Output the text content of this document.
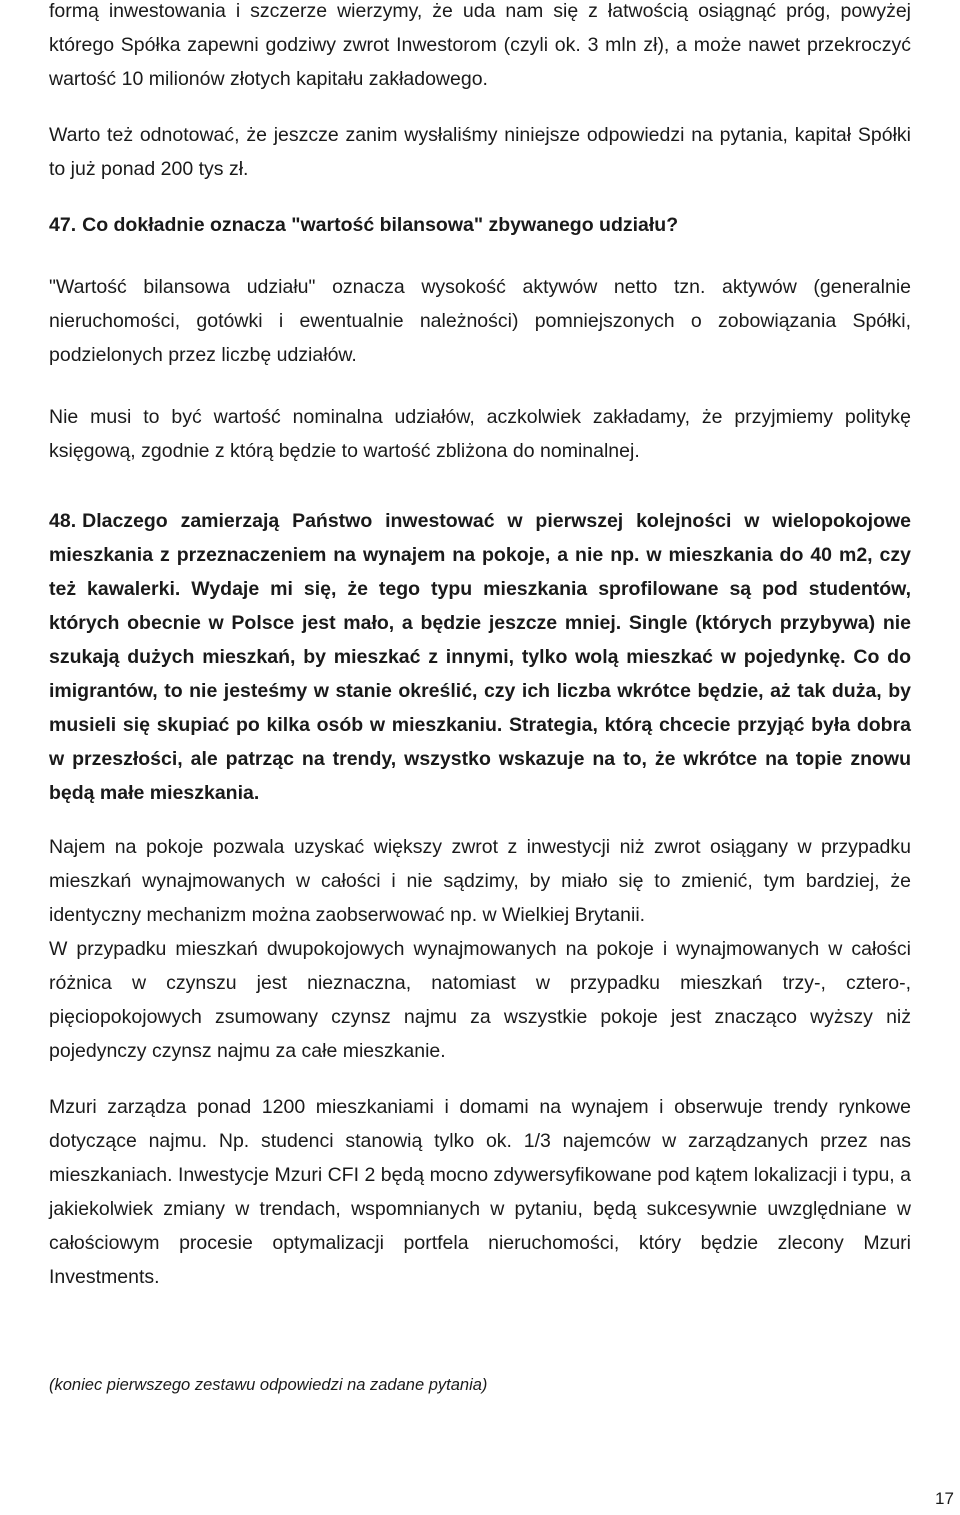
formą inwestowania i szczerze wierzymy, że uda nam się z łatwością osiągnąć próg, powyżej którego Spółka zapewni godziwy zwrot Inwestorom (czyli ok. 3 mln zł), a może nawet przekroczyć wartość 10 milionów złotych kapitału zakładowego.

Warto też odnotować, że jeszcze zanim wysłaliśmy niniejsze odpowiedzi na pytania, kapitał Spółki to już ponad 200 tys zł.

47. Co dokładnie oznacza "wartość bilansowa" zbywanego udziału?

"Wartość bilansowa udziału" oznacza wysokość aktywów netto tzn. aktywów (generalnie nieruchomości, gotówki i ewentualnie należności) pomniejszonych o zobowiązania Spółki, podzielonych przez liczbę udziałów.

Nie musi to być wartość nominalna udziałów, aczkolwiek zakładamy, że przyjmiemy politykę księgową, zgodnie z którą będzie to wartość zbliżona do nominalnej.

48. Dlaczego zamierzają Państwo inwestować w pierwszej kolejności w wielopokojowe mieszkania z przeznaczeniem na wynajem na pokoje, a nie np. w mieszkania do 40 m2, czy też kawalerki. Wydaje mi się, że tego typu mieszkania sprofilowane są pod studentów, których obecnie w Polsce jest mało, a będzie jeszcze mniej. Single (których przybywa) nie szukają dużych mieszkań, by mieszkać z innymi, tylko wolą mieszkać w pojedynkę. Co do imigrantów, to nie jesteśmy w stanie określić, czy ich liczba wkrótce będzie, aż tak duża, by musieli się skupiać po kilka osób w mieszkaniu. Strategia, którą chcecie przyjąć była dobra w przeszłości, ale patrząc na trendy, wszystko wskazuje na to, że wkrótce na topie znowu będą małe mieszkania.

Najem na pokoje pozwala uzyskać większy zwrot z inwestycji niż zwrot osiągany w przypadku mieszkań wynajmowanych w całości i nie sądzimy, by miało się to zmienić, tym bardziej, że identyczny mechanizm można zaobserwować np. w Wielkiej Brytanii.

W przypadku mieszkań dwupokojowych wynajmowanych na pokoje i wynajmowanych w całości różnica w czynszu jest nieznaczna, natomiast w przypadku mieszkań trzy-, cztero-, pięciopokojowych zsumowany czynsz najmu za wszystkie pokoje jest znacząco wyższy niż pojedynczy czynsz najmu za całe mieszkanie.

Mzuri zarządza ponad 1200 mieszkaniami i domami na wynajem i obserwuje trendy rynkowe dotyczące najmu. Np. studenci stanowią tylko ok. 1/3 najemców w zarządzanych przez nas mieszkaniach. Inwestycje Mzuri CFI 2 będą mocno zdywersyfikowane pod kątem lokalizacji i typu, a jakiekolwiek zmiany w trendach, wspomnianych w pytaniu, będą sukcesywnie uwzględniane w całościowym procesie optymalizacji portfela nieruchomości, który będzie zlecony Mzuri Investments.

(koniec pierwszego zestawu odpowiedzi na zadane pytania)
17
